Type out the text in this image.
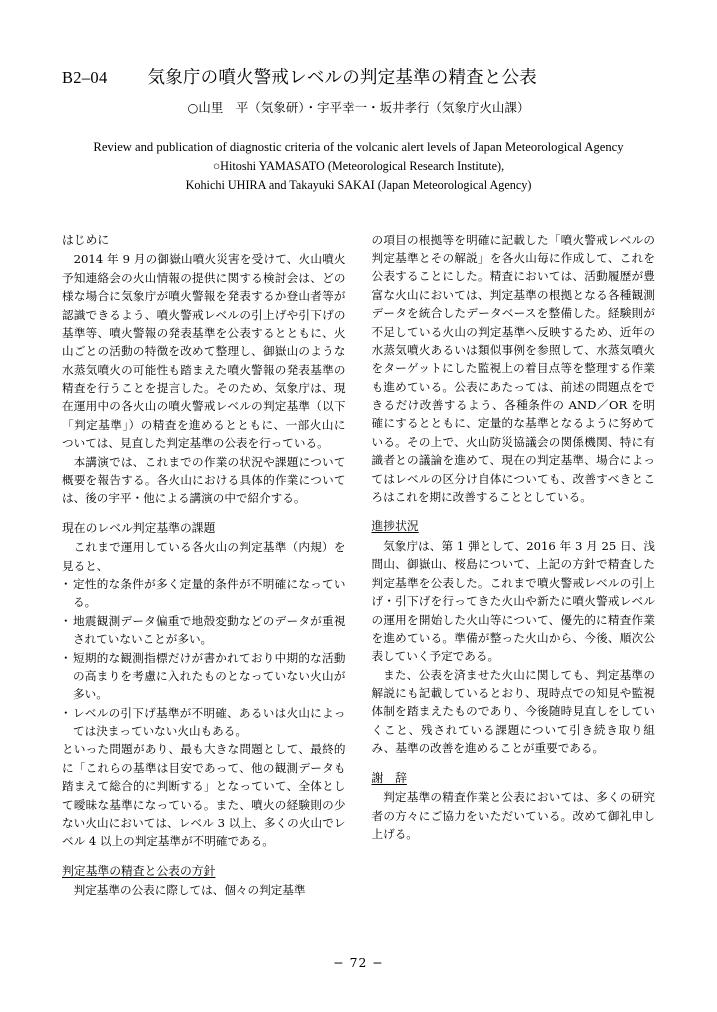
B2–04	気象庁の噴火警戒レベルの判定基準の精査と公表
○山里　平（気象研）・宇平幸一・坂井孝行（気象庁火山課）
Review and publication of diagnostic criteria of the volcanic alert levels of Japan Meteorological Agency
○Hitoshi YAMASATO (Meteorological Research Institute),
Kohichi UHIRA and Takayuki SAKAI (Japan Meteorological Agency)
はじめに

2014 年 9 月の御嶽山噴火災害を受けて、火山噴火予知連絡会の火山情報の提供に関する検討会は、どの様な場合に気象庁が噴火警報を発表するか登山者等が認識できるよう、噴火警戒レベルの引上げや引下げの基準等、噴火警報の発表基準を公表するとともに、火山ごとの活動の特徴を改めて整理し、御嶽山のような水蒸気噴火の可能性も踏まえた噴火警報の発表基準の精査を行うことを提言した。そのため、気象庁は、現在運用中の各火山の噴火警戒レベルの判定基準（以下「判定基準」）の精査を進めるとともに、一部火山については、見直した判定基準の公表を行っている。

本講演では、これまでの作業の状況や課題について概要を報告する。各火山における具体的作業については、後の宇平・他による講演の中で紹介する。

現在のレベル判定基準の課題

これまで運用している各火山の判定基準（内規）を見ると、

・ 定性的な条件が多く定量的条件が不明確になっている。
・ 地震観測データ偏重で地殻変動などのデータが重視されていないことが多い。
・ 短期的な観測指標だけが書かれており中期的な活動の高まりを考慮に入れたものとなっていない火山が多い。
・ レベルの引下げ基準が不明確、あるいは火山によっては決まっていない火山もある。

といった問題があり、最も大きな問題として、最終的に「これらの基準は目安であって、他の観測データも踏まえて総合的に判断する」となっていて、全体として曖昧な基準になっている。また、噴火の経験則の少ない火山においては、レベル 3 以上、多くの火山でレベル 4 以上の判定基準が不明確である。

判定基準の精査と公表の方針

判定基準の公表に際しては、個々の判定基準

の項目の根拠等を明確に記載した「噴火警戒レベルの判定基準とその解説」を各火山毎に作成して、これを公表することにした。精査においては、活動履歴が豊富な火山においては、判定基準の根拠となる各種観測データを統合したデータベースを整備した。経験則が不足している火山の判定基準へ反映するため、近年の水蒸気噴火あるいは類似事例を参照して、水蒸気噴火をターゲットにした監視上の着目点等を整理する作業も進めている。公表にあたっては、前述の問題点をできるだけ改善するよう、各種条件の AND／OR を明確にするとともに、定量的な基準となるように努めている。その上で、火山防災協議会の関係機関、特に有識者との議論を進めて、現在の判定基準、場合によってはレベルの区分け自体についても、改善すべきところはこれを期に改善することとしている。

進捗状況

気象庁は、第 1 弾として、2016 年 3 月 25 日、浅間山、御嶽山、桜島について、上記の方針で精査した判定基準を公表した。これまで噴火警戒レベルの引上げ・引下げを行ってきた火山や新たに噴火警戒レベルの運用を開始した火山等について、優先的に精査作業を進めている。準備が整った火山から、今後、順次公表していく予定である。

また、公表を済ませた火山に関しても、判定基準の解説にも記載しているとおり、現時点での知見や監視体制を踏まえたものであり、今後随時見直しをしていくこと、残されている課題について引き続き取り組み、基準の改善を進めることが重要である。

謝　辞

判定基準の精査作業と公表においては、多くの研究者の方々にご協力をいただいている。改めて御礼申し上げる。

− 72 −
